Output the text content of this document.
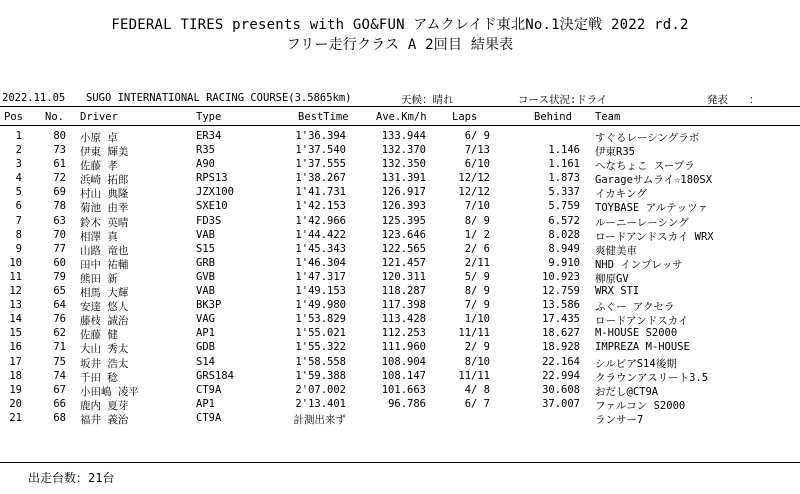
FEDERAL TIRES presents with GO&FUN アムクレイド東北No.1決定戦 2022 rd.2
フリー走行クラス A 2回目 結果表
2022.11.05 SUGO INTERNATIONAL RACING COURSE(3.5865km)	天候：晴れ	コース状況:ドライ	発表　　：
Pos No. Driver	Type	BestTime	Ave.Km/h Laps	Behind Team
1	80 小原 卓	ER34	1'36.394	133.944	6/ 9	すぐるレーシングラボ
2	73 伊東 輝美	R35	1'37.540	132.370	7/13	1.146 伊東R35
3	61 佐藤 孝	A90	1'37.555	132.350	6/10	1.161 へなちょこ スープラ
4	72 浜崎 拓郎	RPS13	1'38.267	131.391	12/12	1.873 Garageサムライ☆180SX
5	69 村山 典隆	JZX100	1'41.731	126.917	12/12	5.337 イカキング
6	78 菊池 由幸	SXE10	1'42.153	126.393	7/10	5.759 TOYBASE アルテッツァ
7	63 鈴木 英晴	FD3S	1'42.966	125.395	8/ 9	6.572 ルーニーレーシング
8	70 相澤 真	VAB	1'44.422	123.646	1/ 2	8.028 ロードアンドスカイ WRX
9	77 山路 竜也	S15	1'45.343	122.565	2/ 6	8.949 爽健美車
10	60 田中 祐輔	GRB	1'46.304	121.457	2/11	9.910 NHD インプレッサ
11	79 熊田 新	GVB	1'47.317	120.311	5/ 9	10.923 柳原GV
12	65 相馬 大輝	VAB	1'49.153	118.287	8/ 9	12.759 WRX STI
13	64 安達 悠人	BK3P	1'49.980	117.398	7/ 9	13.586 ふぐー アクセラ
14	76 藤枝 誠治	VAG	1'53.829	113.428	1/10	17.435 ロードアンドスカイ
15	62 佐藤 健	AP1	1'55.021	112.253	11/11	18.627 M-HOUSE S2000
16	71 大山 秀太	GDB	1'55.322	111.960	2/ 9	18.928 IMPREZA M-HOUSE
17	75 坂井 浩太	S14	1'58.558	108.904	8/10	22.164 シルビアS14後期
18	74 千田 稔	GRS184	1'59.388	108.147	11/11	22.994 クラウンアスリート3.5
19	67 小田嶋 凌平	CT9A	2'07.002	101.663	4/ 8	30.608 おだし@CT9A
20	66 鹿内 夏芽	AP1	2'13.401	96.786	6/ 7	37.007 ファルコン S2000
21	68 福井 義治	CT9A	計測出来ず	ランサー7
出走台数：21台
